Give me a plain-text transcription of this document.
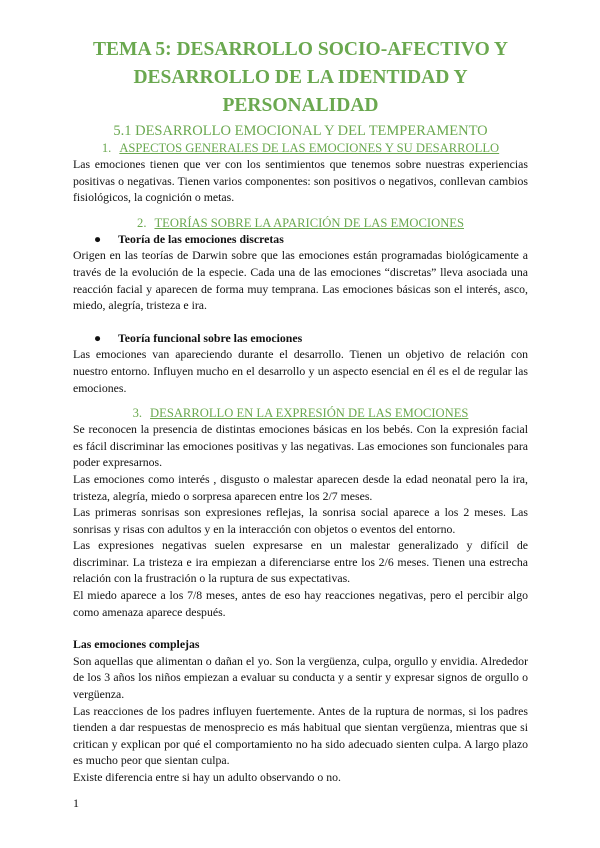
TEMA 5: DESARROLLO SOCIO-AFECTIVO Y DESARROLLO DE LA IDENTIDAD Y PERSONALIDAD
5.1 DESARROLLO EMOCIONAL Y DEL TEMPERAMENTO
1. ASPECTOS GENERALES DE LAS EMOCIONES Y SU DESARROLLO

Las emociones tienen que ver con los sentimientos que tenemos sobre nuestras experiencias positivas o negativas. Tienen varios componentes: son positivos o negativos, conllevan cambios fisiológicos, la cognición o metas.

2. TEORÍAS SOBRE LA APARICIÓN DE LAS EMOCIONES
● Teoría de las emociones discretas

Origen en las teorías de Darwin sobre que las emociones están programadas biológicamente a través de la evolución de la especie. Cada una de las emociones “discretas” lleva asociada una reacción facial y aparecen de forma muy temprana. Las emociones básicas son el interés, asco, miedo, alegría, tristeza e ira.

● Teoría funcional sobre las emociones

Las emociones van apareciendo durante el desarrollo. Tienen un objetivo de relación con nuestro entorno. Influyen mucho en el desarrollo y un aspecto esencial en él es el de regular las emociones.

3. DESARROLLO EN LA EXPRESIÓN DE LAS EMOCIONES

Se reconocen la presencia de distintas emociones básicas en los bebés. Con la expresión facial es fácil discriminar las emociones positivas y las negativas. Las emociones son funcionales para poder expresarnos.

Las emociones como interés , disgusto o malestar aparecen desde la edad neonatal pero la ira, tristeza, alegría, miedo o sorpresa aparecen entre los 2/7 meses.

Las primeras sonrisas son expresiones reflejas, la sonrisa social aparece a los 2 meses. Las sonrisas y risas con adultos y en la interacción con objetos o eventos del entorno.

Las expresiones negativas suelen expresarse en un malestar generalizado y difícil de discriminar. La tristeza e ira empiezan a diferenciarse entre los 2/6 meses. Tienen una estrecha relación con la frustración o la ruptura de sus expectativas.

El miedo aparece a los 7/8 meses, antes de eso hay reacciones negativas, pero el percibir algo como amenaza aparece después.

Las emociones complejas

Son aquellas que alimentan o dañan el yo. Son la vergüenza, culpa, orgullo y envidia. Alrededor de los 3 años los niños empiezan a evaluar su conducta y a sentir y expresar signos de orgullo o vergüenza.

Las reacciones de los padres influyen fuertemente. Antes de la ruptura de normas, si los padres tienden a dar respuestas de menosprecio es más habitual que sientan vergüenza, mientras que si critican y explican por qué el comportamiento no ha sido adecuado sienten culpa. A largo plazo es mucho peor que sientan culpa.

Existe diferencia entre si hay un adulto observando o no.

1
